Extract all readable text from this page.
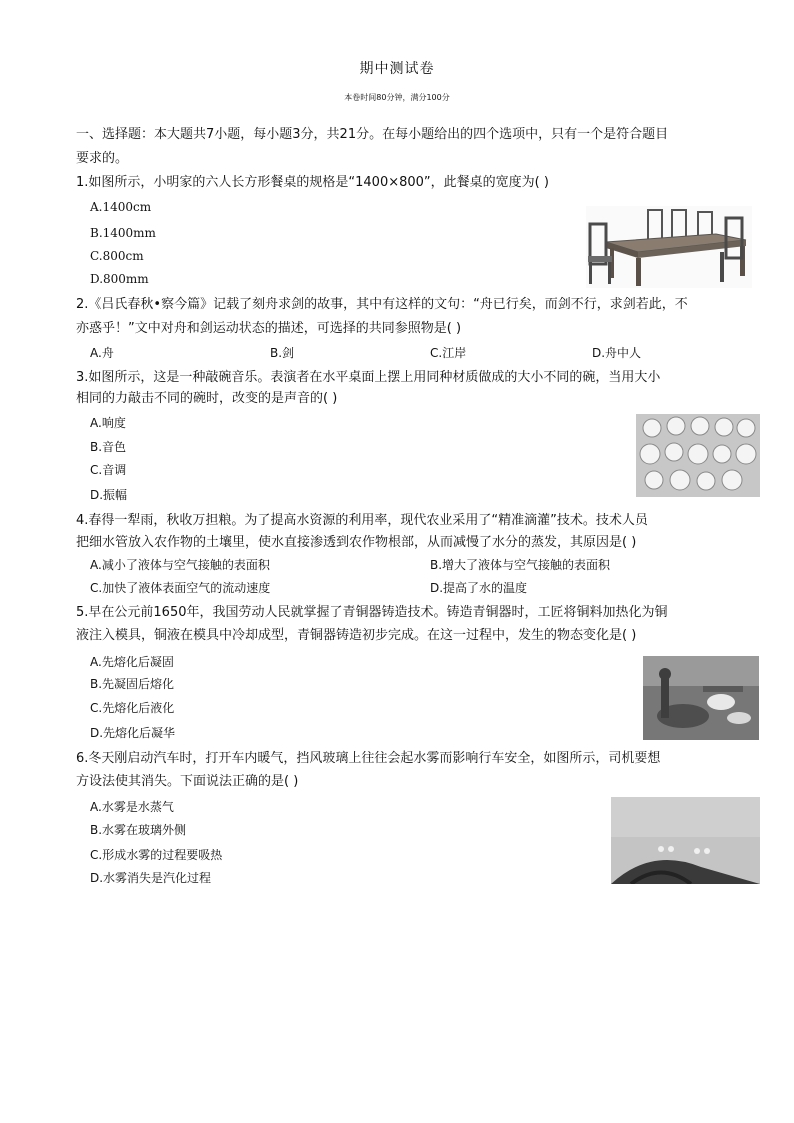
期中测试卷
本卷时间80分钟，满分100分
一、选择题：本大题共7小题，每小题3分，共21分。在每小题给出的四个选项中，只有一个是符合题目
要求的。
1.如图所示，小明家的六人长方形餐桌的规格是“1400×800”，此餐桌的宽度为( )
A.1400cm
B.1400mm
C.800cm
D.800mm
2.《吕氏春秋•察今篇》记载了刻舟求剑的故事，其中有这样的文句：“舟已行矣，而剑不行，求剑若此，不
亦惑乎！”文中对舟和剑运动状态的描述，可选择的共同参照物是( )
A.舟	B.剑	C.江岸	D.舟中人
3.如图所示，这是一种敲碗音乐。表演者在水平桌面上摆上用同种材质做成的大小不同的碗，当用大小
相同的力敲击不同的碗时，改变的是声音的( )
A.响度
B.音色
C.音调
D.振幅
4.春得一犁雨，秋收万担粮。为了提高水资源的利用率，现代农业采用了“精准滴灌”技术。技术人员
把细水管放入农作物的土壤里，使水直接渗透到农作物根部，从而减慢了水分的蒸发，其原因是( )
A.减小了液体与空气接触的表面积	B.增大了液体与空气接触的表面积
C.加快了液体表面空气的流动速度	D.提高了水的温度
5.早在公元前1650年，我国劳动人民就掌握了青铜器铸造技术。铸造青铜器时，工匠将铜料加热化为铜
液注入模具，铜液在模具中冷却成型，青铜器铸造初步完成。在这一过程中，发生的物态变化是( )
A.先熔化后凝固
B.先凝固后熔化
C.先熔化后液化
D.先熔化后凝华
6.冬天刚启动汽车时，打开车内暖气，挡风玻璃上往往会起水雾而影响行车安全，如图所示，司机要想
方设法使其消失。下面说法正确的是( )
A.水雾是水蒸气
B.水雾在玻璃外侧
C.形成水雾的过程要吸热
D.水雾消失是汽化过程
